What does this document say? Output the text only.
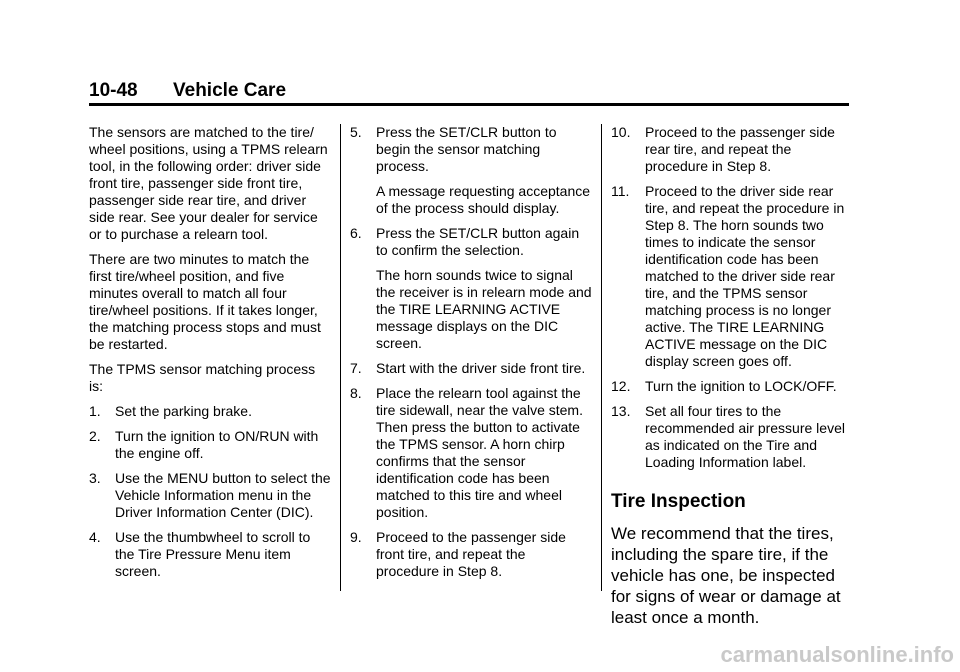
10-48 Vehicle Care

The sensors are matched to the tire/ wheel positions, using a TPMS relearn tool, in the following order: driver side front tire, passenger side front tire, passenger side rear tire, and driver side rear. See your dealer for service or to purchase a relearn tool.

There are two minutes to match the first tire/wheel position, and five minutes overall to match all four tire/wheel positions. If it takes longer, the matching process stops and must be restarted.

The TPMS sensor matching process is:

1.	Set the parking brake.
2.	Turn the ignition to ON/RUN with the engine off.
3.	Use the MENU button to select the Vehicle Information menu in the Driver Information Center (DIC).
4.	Use the thumbwheel to scroll to the Tire Pressure Menu item screen.
5.	Press the SET/CLR button to begin the sensor matching process.
A message requesting acceptance of the process should display.
6.	Press the SET/CLR button again to confirm the selection.
The horn sounds twice to signal the receiver is in relearn mode and the TIRE LEARNING ACTIVE message displays on the DIC screen.
7.	Start with the driver side front tire.
8.	Place the relearn tool against the tire sidewall, near the valve stem. Then press the button to activate the TPMS sensor. A horn chirp confirms that the sensor identification code has been matched to this tire and wheel position.
9.	Proceed to the passenger side front tire, and repeat the procedure in Step 8.
10.	Proceed to the passenger side rear tire, and repeat the procedure in Step 8.
11.	Proceed to the driver side rear tire, and repeat the procedure in Step 8. The horn sounds two times to indicate the sensor identification code has been matched to the driver side rear tire, and the TPMS sensor matching process is no longer active. The TIRE LEARNING ACTIVE message on the DIC display screen goes off.
12.	Turn the ignition to LOCK/OFF.
13.	Set all four tires to the recommended air pressure level as indicated on the Tire and Loading Information label.
Tire Inspection

We recommend that the tires, including the spare tire, if the vehicle has one, be inspected for signs of wear or damage at least once a month.

carmanualsonline.info
